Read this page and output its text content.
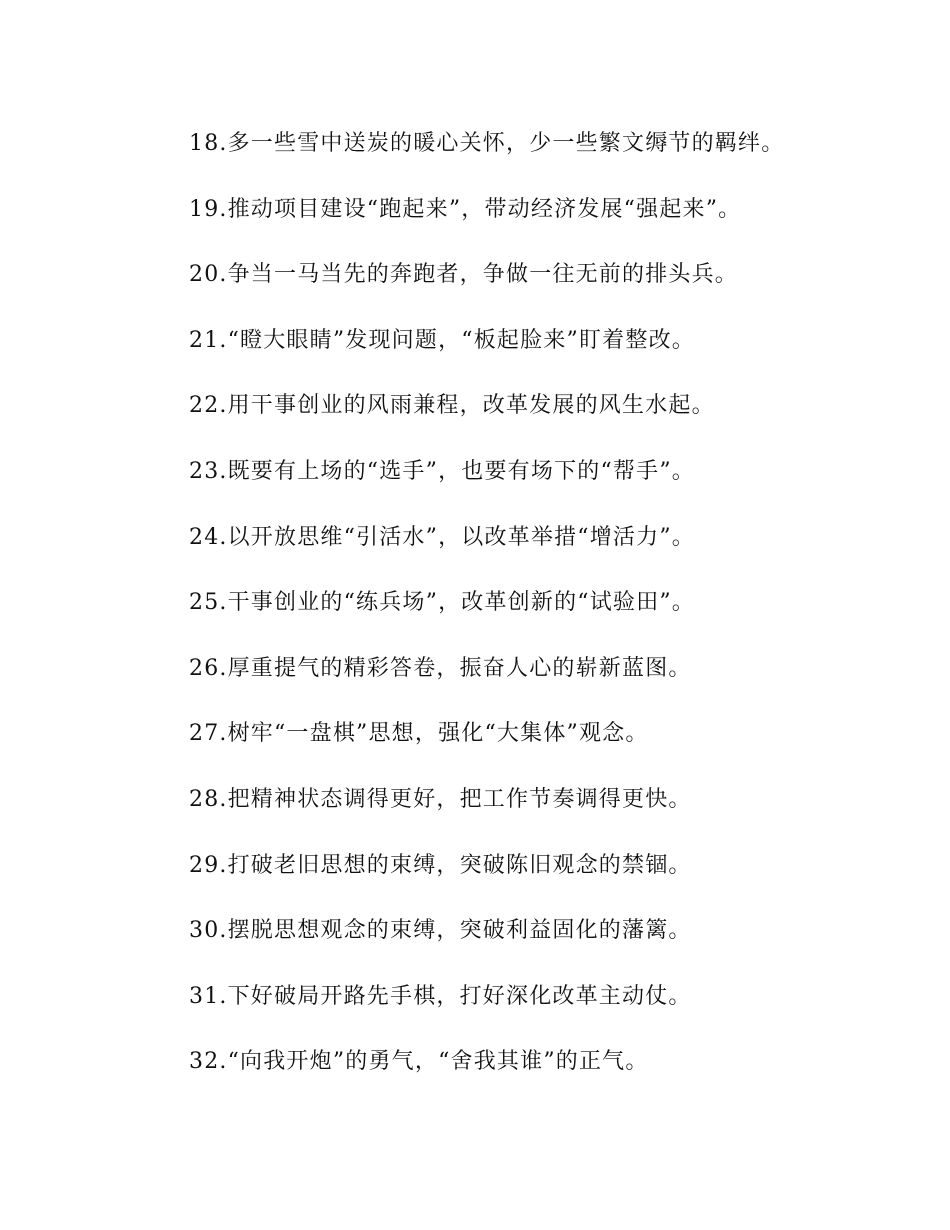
18.多一些雪中送炭的暖心关怀，少一些繁文缛节的羁绊。
19.推动项目建设“跑起来”，带动经济发展“强起来”。
20.争当一马当先的奔跑者，争做一往无前的排头兵。
21.“瞪大眼睛”发现问题，“板起脸来”盯着整改。
22.用干事创业的风雨兼程，改革发展的风生水起。
23.既要有上场的“选手”，也要有场下的“帮手”。
24.以开放思维“引活水”，以改革举措“增活力”。
25.干事创业的“练兵场”，改革创新的“试验田”。
26.厚重提气的精彩答卷，振奋人心的崭新蓝图。
27.树牢“一盘棋”思想，强化“大集体”观念。
28.把精神状态调得更好，把工作节奏调得更快。
29.打破老旧思想的束缚，突破陈旧观念的禁锢。
30.摆脱思想观念的束缚，突破利益固化的藩篱。
31.下好破局开路先手棋，打好深化改革主动仗。
32.“向我开炮”的勇气，“舍我其谁”的正气。
